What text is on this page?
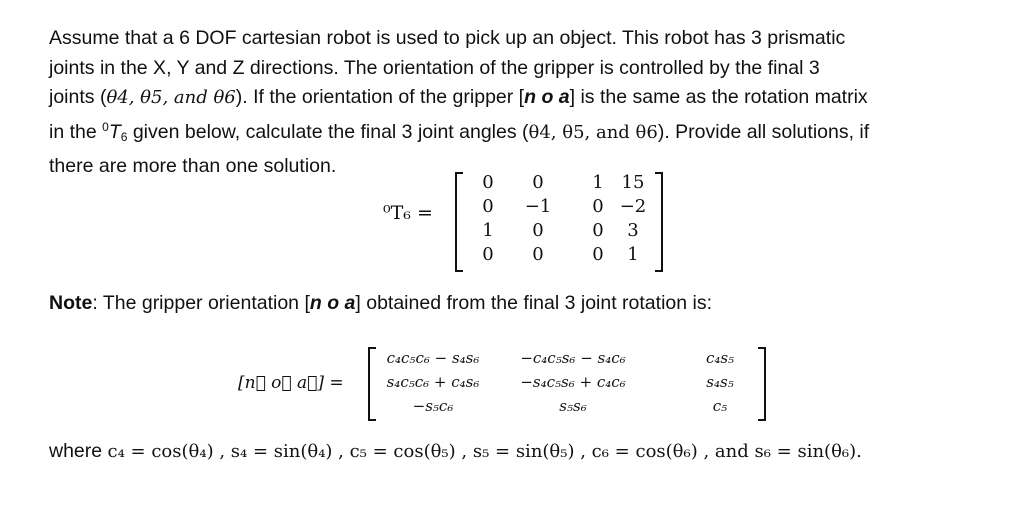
Assume that a 6 DOF cartesian robot is used to pick up an object. This robot has 3 prismatic
joints in the X, Y and Z directions. The orientation of the gripper is controlled by the final 3
joints (θ4, θ5, and θ6). If the orientation of the gripper [n o a] is the same as the rotation matrix
in the $^0T_6$ given below, calculate the final 3 joint angles (θ4, θ5, and θ6). Provide all solutions, if
there are more than one solution.
⁰T₆ =
0	0	1 15
0	−1	0 −2
1	0	0	3
0	0	0	1
Note: The gripper orientation [n o a] obtained from the final 3 joint rotation is:
[n⃗ o⃗ a⃗] =
c₄c₅c₆ − s₄s₆	−c₄c₅s₆ − s₄c₆	c₄s₅
s₄c₅c₆ + c₄s₆	−s₄c₅s₆ + c₄c₆	s₄s₅
−s₅c₆	s₅s₆	c₅
where c₄ = cos(θ₄) , s₄ = sin(θ₄) , c₅ = cos(θ₅) , s₅ = sin(θ₅) , c₆ = cos(θ₆) , and s₆ = sin(θ₆).
